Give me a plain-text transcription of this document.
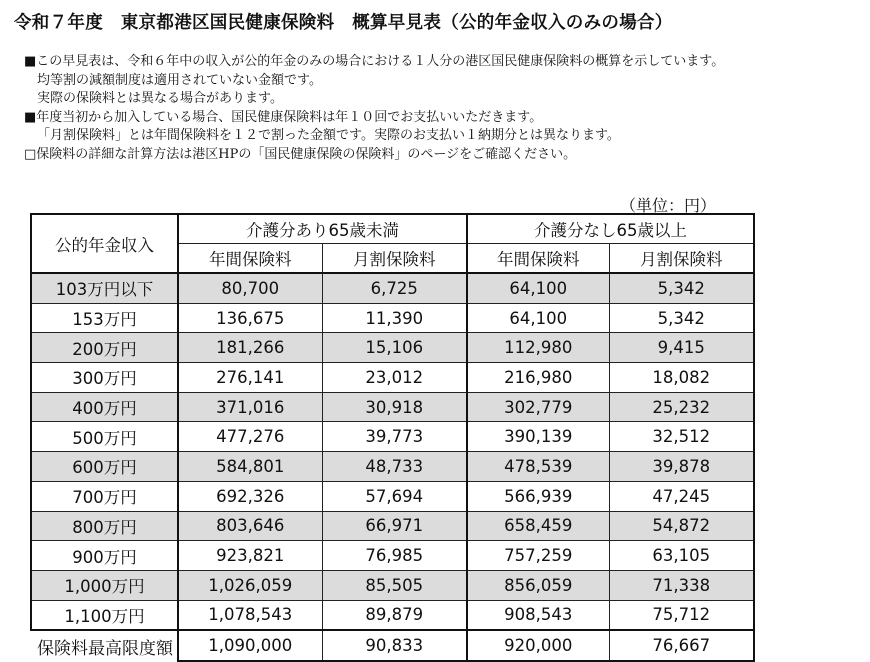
令和７年度　東京都港区国民健康保険料　概算早見表（公的年金収入のみの場合）
■この早見表は、令和６年中の収入が公的年金のみの場合における１人分の港区国民健康保険料の概算を示しています。
均等割の減額制度は適用されていない金額です。
実際の保険料とは異なる場合があります。
■年度当初から加入している場合、国民健康保険料は年１０回でお支払いいただきます。
「月割保険料」とは年間保険料を１２で割った金額です。実際のお支払い１納期分とは異なります。
□保険料の詳細な計算方法は港区HPの「国民健康保険の保険料」のページをご確認ください。
（単位：円）
公的年金収入	介護分あり65歳未満		介護分なし65歳以上	
	年間保険料	月割保険料	年間保険料	月割保険料
103万円以下	80,700	6,725	64,100	5,342
153万円	136,675	11,390	64,100	5,342
200万円	181,266	15,106	112,980	9,415
300万円	276,141	23,012	216,980	18,082
400万円	371,016	30,918	302,779	25,232
500万円	477,276	39,773	390,139	32,512
600万円	584,801	48,733	478,539	39,878
700万円	692,326	57,694	566,939	47,245
800万円	803,646	66,971	658,459	54,872
900万円	923,821	76,985	757,259	63,105
1,000万円	1,026,059	85,505	856,059	71,338
1,100万円	1,078,543	89,879	908,543	75,712
保険料最高限度額	1,090,000	90,833	920,000	76,667
